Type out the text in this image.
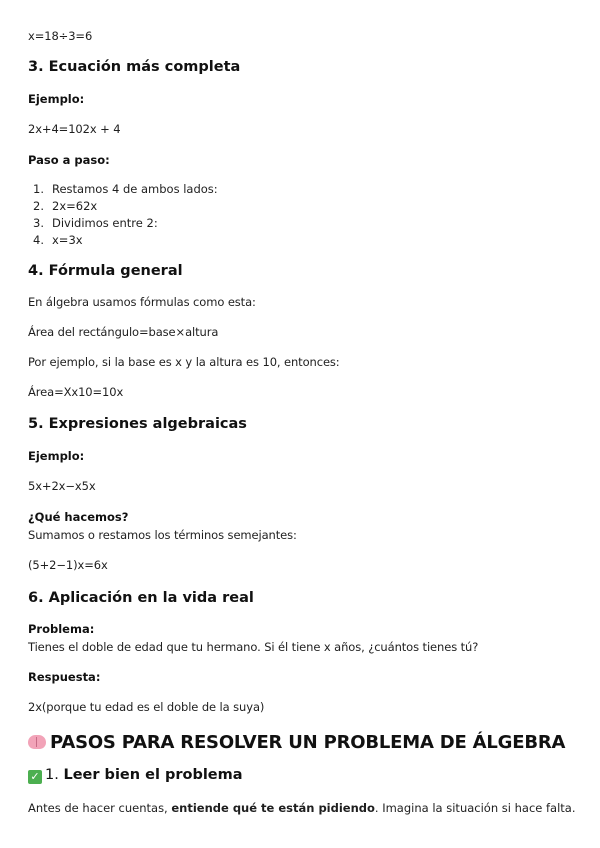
x=18÷3=6
3. Ecuación más completa
Ejemplo:
2x+4=102x + 4
Paso a paso:
1. Restamos 4 de ambos lados:
2. 2x=62x
3. Dividimos entre 2:
4. x=3x
4. Fórmula general
En álgebra usamos fórmulas como esta:
Área del rectángulo=base×altura
Por ejemplo, si la base es x y la altura es 10, entonces:
Área=Xx10=10x
5. Expresiones algebraicas
Ejemplo:
5x+2x−x5x
¿Qué hacemos?
Sumamos o restamos los términos semejantes:
(5+2−1)x=6x
6. Aplicación en la vida real
Problema:
Tienes el doble de edad que tu hermano. Si él tiene x años, ¿cuántos tienes tú?
Respuesta:
2x(porque tu edad es el doble de la suya)
PASOS PARA RESOLVER UN PROBLEMA DE ÁLGEBRA
✓ 1. Leer bien el problema
Antes de hacer cuentas, entiende qué te están pidiendo. Imagina la situación si hace falta.
